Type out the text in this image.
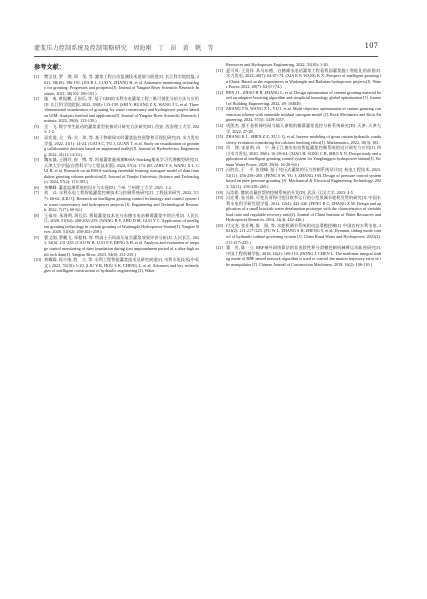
灌浆压力控制系统及控制策略研究　周海刚　丁　昂　黄　帆　等	107
参考文献：

[1] 樊宝良, 罗　理, 郑　玺, 等. 灌浆工程自动监测技术进展与展望[J]. 长江科学院院报, 2021, 38(10): 186-191. (JIA B L, LUO Y, ZHANG H, et al. Automatic monitoring technology for grouting: Progresses and prospects[J]. Journal of Yangtze River Scientific Research Institute, 2021, 38(10): 186-191.)

[2] 施　夷, 黄振鹏, 王国乐, 等. 基于GIM的水利水电灌浆工程三维可视化分析方法与应用[J]. 长江科学院院报, 2022, 39(8): 133-139. (SHI Y, HUANG Z X, WANG T L, et al. Three-dimensional visualization of grouting for water conservancy and hydropower project based on GIM: Analysis method and application[J]. Journal of Yangtze River Scientific Research Institute, 2022, 39(8): 133-139.)

[3] 全　飞. 数字孪生驱动的灌浆重型装备设计研究方法研究[D]. 西安: 西安理工大学, 2023: 1-2.

[4] 袁宏震, 全　锋, 关　玮, 等. 基于物联网实时灌浆监控预警和可视化研究[J]. 水力发电学报, 2022, 41(1): 14-24. (GAI S C, YU J, GUAN T, et al. Study on visualization of grouting collaborative decision based on augmented reality[J]. Journal of Hydroelectric Engineering, 2022, 41(1): 14-24.)

[5] 魏东镇, 王晓玲, 崔　博, 等. 坝基灌浆量预测BSSA-Stacking集成学习代理模型研究[J]. 天津大学学报(自然科学与工程技术版), 2024, 57(2): 174-185. (ZHU Y S, WANG X L, CUI B, et al. Research on an BSSA-stacking ensemble learning surrogate model of dam foundation grouting volume prediction[J]. Journal of Tianjin University (Science and Technology), 2024, 57(2): 174-185.)

[6] 李攀峰. 灌浆监测系统的设计与实现[D]. 兰州: 兰州理工大学, 2021: 1-2.

[7] 刘　众. 水利水电工程智能灌浆控制技术与控制系统研究[J]. 工程技术研究, 2022, 7(17): 60-62. (LIU Q. Research on intelligent grouting control technology and control system for water conservancy and hydropower projects [J]. Engineering and Technological Research, 2022, 7(17): 60-62.)

[8] 王福亮, 朱海明, 周长信. 智能灌浆技术在乌东德水电站帷幕灌浆中的应用[J]. 人民长江, 2020, 51(S2): 200-202+259. (WANG R Y, ZHU D M, GUO Y C. Application of intelligent grouting technology in curtain grouting of Wudongde Hydropower Station[J]. Yangtze River, 2020, 51(S2): 200-202+259.)

[9] 曹文刚, 罗鹏飞, 邓超林, 等. 特高土石坝高压复合灌浆效果评价分析[J]. 人民长江, 2023, 54(6): 231-235. (CAO W B, LUO P F, DENG S H, et al. Analysis and evaluation of seepage control monitoring of dam foundation during first impoundment period of a ultra-high earth rock dam[J]. Yangtze River, 2023, 54(6): 231-235.)

[10] 刘耀霖, 侯少康, 程　立, 等. 水利工程智能灌浆技术及研究展望[J]. 水利水电技术(中英文), 2022, 53(10): 1-20. (LIU Y R, HOU S K, CHENG L, et al. Advances and key technologies of intelligent construction of hydraulic engineering [J]. Water

Resources and Hydropower Engineering, 2022, 53(10): 1-20.

[11] 夏可风. 王良祥. 从乌东德、白鹤滩水电站灌浆工程看我国灌浆施工智能化的前景[J]. 水力发电, 2022, 48(7): 64-67+74. (XIA K F, WANG K X. Prospect of intelligent grouting in China: Based on the experiences in Wudongde and Baihetan hydropower projects[J]. Water Power, 2022, 48(7): 64-67+74.)

[12] REN J L, ZHAO H B, ZHANG L, et al. Design optimization of cement grouting material based on adaptive boosting algorithm and simplicial homology global optimization [J]. Journal of Building Engineering, 2022, 49: 104049.

[13] ZHANG T R, WANG X L, YU J, et al. Multi-objective optimization of curtain grouting construction scheme with ensemble residual surrogate model [J]. Rock Mechanics and Rock Engineering, 2024, 57(5): 3439-3457.

[14] 巩凯杰. 基于卷积神经网与输入参数的帷幕灌浆监控分析系统研究[D]. 天津: 天津大学, 2022: 27-28.

[15] ZHANG K L, SHEN Z Z, XU L Q, et al. Inverse modeling of grout curtain hydraulic conductivity evolution considering the calcium leaching effect[J]. Mathematics, 2022, 10(3): 381.

[16] 肖　理, 宋星明, 向　宁. 扬子江抽水电站智能灌浆控制系统的设计研究与应用[J]. 四川水力发电, 2020, 39(6): 16-20+64. (XIAO H, SONG C R, SHUI X N. Design study and application of intelligent grouting control system for Yangfanggou hydropower station[J]. Sichuan Water Power, 2020, 39(6): 16-20+64.)

[17] 冯胜宾, 于　平, 张建峰. 基于纯压式灌浆的压力控制系统设计[J]. 机电工程技术, 2023, 52(11): 256-258+265. (FENG S W, YU J, ZHANG J M. Design of pressure control system based on pure pressure grouting [J]. Mechanical & Electrical Engineering Technology, 2023, 52(11): 256-258+265.)

[18] 冯浩铭. 微软动量控帮的控制系统的开发[D]. 武汉: 江汉大学, 2023: 4-5.

[19] 冯宏勇, 张书源. 可变负荷和可变回收率运行的小型黑城水轮机发管的研究[J]. 中国水利水电科学研究院学报, 2014, 12(4): 442-446. (FENG B C, ZHANG Z M. Design and application of a small brackish water desalination prototype with the characteristics of variable load ratio and regulable recovery ratio[J]. Journal of China Institute of Water Resources and Hydropower Research, 2014, 12(4): 442-446.)

[20] 付文龙, 张社梅, 陈　阳, 等. 水轮机调节系统的动态滑模控制[J]. 中国农村水利水电, 2023(2): 211-217+225. (FU W L, ZHANG S H, ZHENG Y, et al. Dynamic sliding mode control of hydraulic turbine governing system [J]. China Rural Water and Hydropower, 2023(2): 211-217+225.)

[21] 董　若, 陈　立. RBF神经网络算法的非连续性积分滑模控制机械臂运动轨迹研究[J]. 中国工程机械学报, 2018, 16(2): 106-110. (DONG J, CHEN L. The nonlinear integral sliding mode of RBF neural network algorithm is used to control the motion trajectory error of the manipulator [J]. Chinese Journal of Construction Machinery, 2018, 16(2): 106-110.)
